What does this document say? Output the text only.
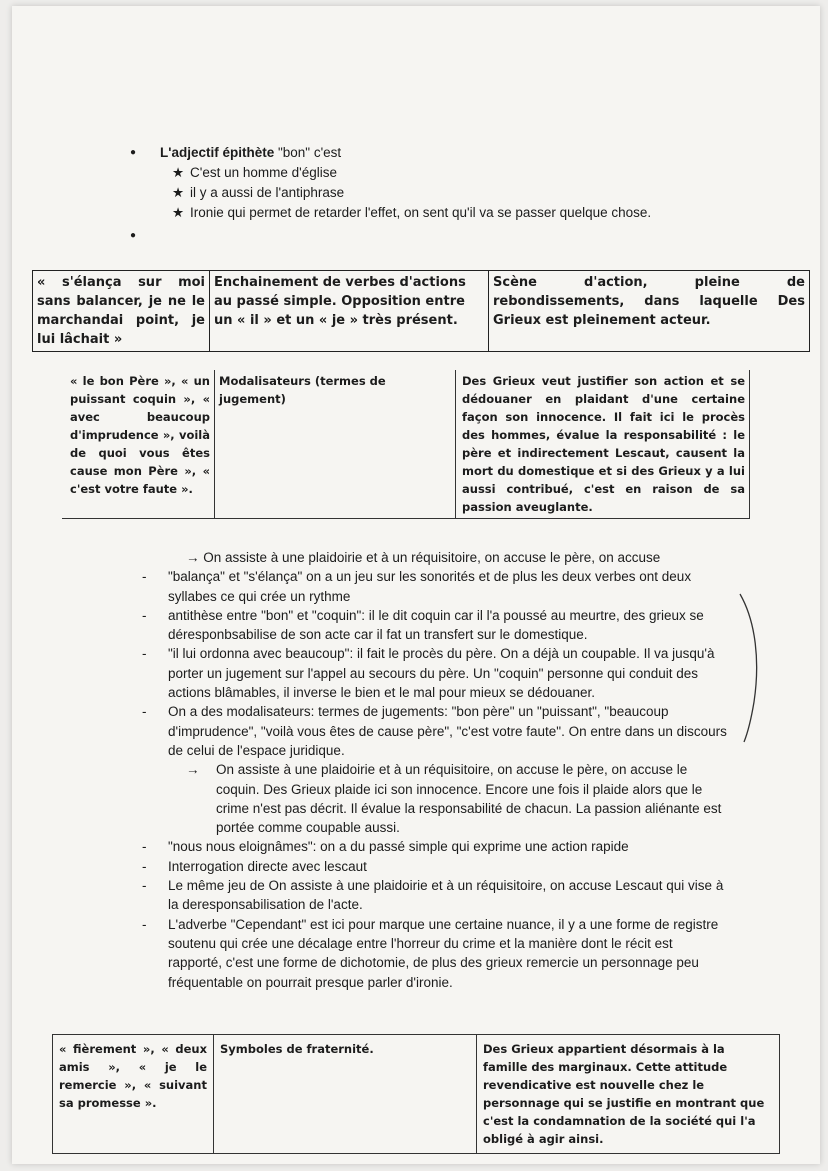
● L'adjectif épithète "bon" c'est
★ C'est un homme d'église
★ il y a aussi de l'antiphrase
★ Ironie qui permet de retarder l'effet, on sent qu'il va se passer quelque chose.
●
« s'élança sur moi sans balancer, je ne le marchandai point, je lui lâchait »	Enchainement de verbes d'actions au passé simple. Opposition entre un « il » et un « je » très présent.	Scène d'action, pleine de rebondissements, dans laquelle Des Grieux est pleinement acteur.
« le bon Père », « un puissant coquin », « avec beaucoup d'imprudence », voilà de quoi vous êtes cause mon Père », « c'est votre faute ».	Modalisateurs (termes de jugement)	Des Grieux veut justifier son action et se dédouaner en plaidant d'une certaine façon son innocence. Il fait ici le procès des hommes, évalue la responsabilité : le père et indirectement Lescaut, causent la mort du domestique et si des Grieux y a lui aussi contribué, c'est en raison de sa passion aveuglante.
→ On assiste à une plaidoirie et à un réquisitoire, on accuse le père, on accuse
- "balança" et "s'élança" on a un jeu sur les sonorités et de plus les deux verbes ont deux syllabes ce qui crée un rythme
- antithèse entre "bon" et "coquin": il le dit coquin car il l'a poussé au meurtre, des grieux se déresponbsabilise de son acte car il fat un transfert sur le domestique.
- "il lui ordonna avec beaucoup": il fait le procès du père. On a déjà un coupable. Il va jusqu'à porter un jugement sur l'appel au secours du père. Un "coquin" personne qui conduit des actions blâmables, il inverse le bien et le mal pour mieux se dédouaner.
- On a des modalisateurs: termes de jugements: "bon père" un "puissant", "beaucoup d'imprudence", "voilà vous êtes de cause père", "c'est votre faute". On entre dans un discours de celui de l'espace juridique.
→ On assiste à une plaidoirie et à un réquisitoire, on accuse le père, on accuse le coquin. Des Grieux plaide ici son innocence. Encore une fois il plaide alors que le crime n'est pas décrit. Il évalue la responsabilité de chacun. La passion aliénante est portée comme coupable aussi.
- "nous nous eloignâmes": on a du passé simple qui exprime une action rapide
- Interrogation directe avec lescaut
- Le même jeu de On assiste à une plaidoirie et à un réquisitoire, on accuse Lescaut qui vise à la deresponsabilisation de l'acte.
- L'adverbe "Cependant" est ici pour marque une certaine nuance, il y a une forme de registre soutenu qui crée une décalage entre l'horreur du crime et la manière dont le récit est rapporté, c'est une forme de dichotomie, de plus des grieux remercie un personnage peu fréquentable on pourrait presque parler d'ironie.
« fièrement », « deux amis », « je le remercie », « suivant sa promesse ».	Symboles de fraternité.	Des Grieux appartient désormais à la famille des marginaux. Cette attitude revendicative est nouvelle chez le personnage qui se justifie en montrant que c'est la condamnation de la société qui l'a obligé à agir ainsi.
